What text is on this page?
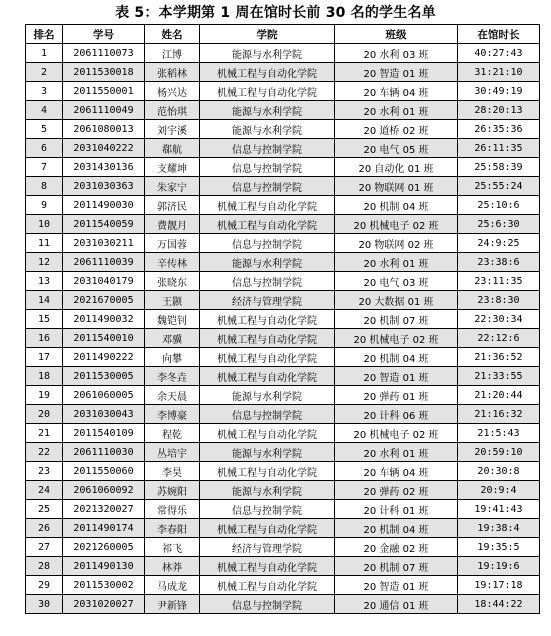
表 5：本学期第 1 周在馆时长前 30 名的学生名单
排名	学号	姓名	学院	班级	在馆时长
1	2061110073	江博	能源与水利学院	20 水利 03 班	40:27:43
2	2011530018	张稻林	机械工程与自动化学院	20 智造 01 班	31:21:10
3	2011550001	杨兴达	机械工程与自动化学院	20 车辆 04 班	30:49:19
4	2061110049	范怡琪	能源与水利学院	20 水利 01 班	28:20:13
5	2061080013	刘宇溪	能源与水利学院	20 道桥 02 班	26:35:36
6	2031040222	郗航	信息与控制学院	20 电气 05 班	26:11:35
7	2031430136	支耀坤	信息与控制学院	20 自动化 01 班	25:58:39
8	2031030363	朱家宁	信息与控制学院	20 物联网 01 班	25:55:24
9	2011490030	郭济民	机械工程与自动化学院	20 机制 04 班	25:10:6
10	2011540059	费靓月	机械工程与自动化学院	20 机械电子 02 班	25:6:30
11	2031030211	万国蓉	信息与控制学院	20 物联网 02 班	24:9:25
12	2061110039	辛传林	能源与水利学院	20 水利 01 班	23:38:6
13	2031040179	张晓东	信息与控制学院	20 电气 03 班	23:11:35
14	2021670005	王颢	经济与管理学院	20 大数据 01 班	23:8:30
15	2011490032	魏铠钊	机械工程与自动化学院	20 机制 07 班	22:30:34
16	2011540010	邓骥	机械工程与自动化学院	20 机械电子 02 班	22:12:6
17	2011490222	向攀	机械工程与自动化学院	20 机制 04 班	21:36:52
18	2011530005	李冬垚	机械工程与自动化学院	20 智造 01 班	21:33:55
19	2061060005	余天晨	能源与水利学院	20 弹药 01 班	21:20:44
20	2031030043	李博豪	信息与控制学院	20 计科 06 班	21:16:32
21	2011540109	程乾	机械工程与自动化学院	20 机械电子 02 班	21:5:43
22	2061110030	丛培宇	能源与水利学院	20 水利 01 班	20:59:10
23	2011550060	李昊	机械工程与自动化学院	20 车辆 04 班	20:30:8
24	2061060092	苏婉阳	能源与水利学院	20 弹药 02 班	20:9:4
25	2021320027	常得乐	信息与控制学院	20 计科 01 班	19:41:43
26	2011490174	李春阳	机械工程与自动化学院	20 机制 04 班	19:38:4
27	2021260005	祁飞	经济与管理学院	20 金融 02 班	19:35:5
28	2011490130	林莽	机械工程与自动化学院	20 机制 07 班	19:19:6
29	2011530002	马成龙	机械工程与自动化学院	20 智造 01 班	19:17:18
30	2031020027	尹新锋	信息与控制学院	20 通信 01 班	18:44:22
